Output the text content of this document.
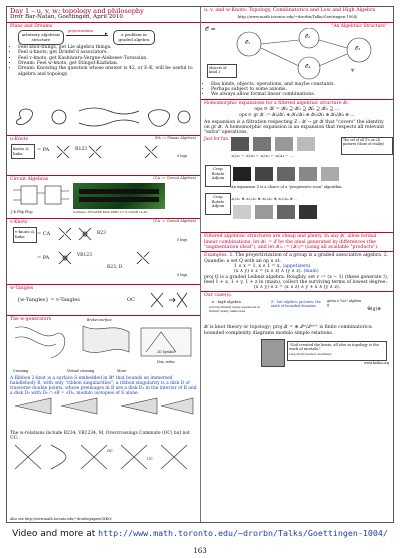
Day 1 – u, v, w: topology and philosophy
Dror Bar-Natan, Goettingen, April 2010
Plans and Dreams
arbitrary algebraic structure
projectivization ▸	a problem in graded algebra
• Feel knot-things, get Lie algebra things.
• Feel u-knots; get Drinfel'd associators.
• Feel v-knots, get Kashiwara-Vergne-Alekseev-Torossian.
• Dream: Feel w-knots, get Etingof-Kazhdan.
• Dream: Knowing the question whose answer is 42, or E-K, will be useful to algebra and topology.
u-Knots	(PA := Planar Algebra)
knots & links
= PA	R123
0 legs
Circuit Algebras	(CA := Circuit Algebra)
J-K Flip Flop	Software: SYNAPSE 4000 DDR2 2.7 X 12GCB 1A 6A
v-Knots	(CA := Circuit Algebra)
v-knots & links	= CA	R23
0 legs
= PA	VR123
R23, D
0 legs
w-Tangles
{w-Tangles} = v-Tangles	OC
The w-generators
Crossing	Virtual crossing	Move
Broken surface
2D Symbol
Dim. reduc.
A Ribbon 2-knot is a surface S embedded in ℝ⁴ that bounds an immersed handlebody B, with only "ribbon singularities"; a ribbon singularity is a disk D of trasverse double points, whose preimages in B are a disk D₁ in the interior of B and a disk D₂ with D₂ ∩ ∂B = ∂D₂, modulo isotopies of S alone.
The w-relations include R234, VR1234, M, Overcrossings Commute (OC) but not UC:
OC
UC
Also see http://www.math.toronto.edu/~drorbn/papers/WKO/
u, v, and w-Knots: Topology, Combinatorics and Low and High Algebra
http://www.math.toronto.edu/~drorbn/Talks/Goettingen-1004/
𝒪 =	"An Algebraic Structure"
𝒪₁
𝒪₂
𝒪₃
𝒪₄
objects of kind 3	ψ
• Has kinds, objects, operations, and maybe constants.
• Perhaps subject to some axioms.
• We always allow formal linear combinations.
Homomorphic expansions for a filtered algebraic structure 𝒦:
ops ⟳ 𝒦 = 𝒦₀ ⊇ 𝒦₁ ⊇ 𝒦₂ ⊇ 𝒦₃ ⊇ …
ops ⟳ gr 𝒦 := 𝒦₀/𝒦₁ ⊕ 𝒦₁/𝒦₂ ⊕ 𝒦₂/𝒦₃ ⊕ 𝒦₃/𝒦₄ ⊕ …
An expansion is a filtration respecting Z : 𝒦 → gr 𝒦 that "covers" the identity on gr 𝒦. A homomorphic expansion is an expansion that respects all relevant "extra" operations.
Just for fun.	The set of all Z's on 2D pictures (those of reality)
𝒦/𝒦₁ ← 𝒦/𝒦₂ ← 𝒦/𝒦₃ ← 𝒦/𝒦₄ ← …
Crop Rotate Adjoin
An expansion Z is a choice of a "progressive scan" algorithm.
Crop Rotate Adjoin
𝒦/𝒦₁ ⊕ 𝒦₁/𝒦₂ ⊕ 𝒦₂/𝒦₃ ⊕ 𝒦₃/𝒦₄ ⊕ …
Filtered algebraic structures are cheap and plenty. In any 𝒦, allow formal linear combinations, let 𝒦₁ = ℐ be the ideal generated by differences (the "augmentation ideal"), and let 𝒦ₘ := (𝒦₁)ᵐ (using all available "products").
Examples. 1. The projectivization of a group is a graded associative algebra. 2. Quandle: a set Q with an op ∧ st.
1 ∧ x = 1, x ∧ 1 = x, (appetizers)
(x ∧ y) ∧ z = (x ∧ z) ∧ (y ∧ z). (main)
proj Q is a graded Leibniz algebra: Roughly, set v := (x − 1) (these generate ℐ), feed 1 + x, 1 + y, 1 + z in (main), collect the surviving terms of lowest degree:
(x ∧ y) ∧ z = (x ∧ z) ∧ y + x ∧ (y ∧ z).
Our case(s).
𝒦 : high algebra
solving finitely many equations in finitely many unknowns
Z : low algebra: pictures, the math of bounded domains
given a "Lie" algebra g
𝒰(g)⊗
𝒦 is knot theory or topology; proj 𝒦 = ⊕ ℐᵐ/ℐᵐ⁺¹ is finite combinatorics: bounded-complexity diagrams modulo simple relations.
"God created the knots, all else in topology is the work of mortals."
Leopold Kronecker (modified)
www.katlas.org
Video and more at http://www.math.toronto.edu/~drorbn/Talks/Goettingen-1004/
163
